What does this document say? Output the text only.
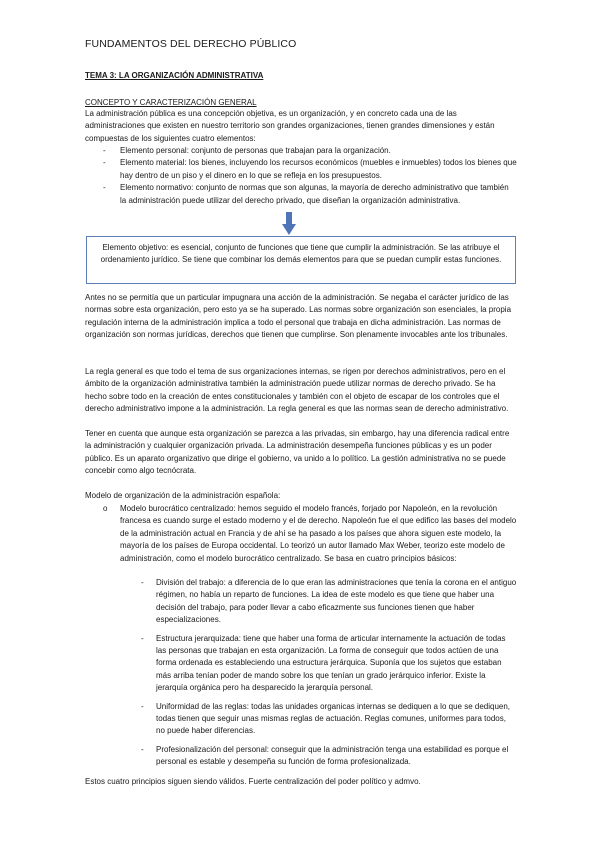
FUNDAMENTOS DEL DERECHO PÚBLICO
TEMA 3: LA ORGANIZACIÓN ADMINISTRATIVA
CONCEPTO Y CARACTERIZACIÓN GENERAL

La administración pública es una concepción objetiva, es un organización, y en concreto cada una de las administraciones que existen en nuestro territorio son grandes organizaciones, tienen grandes dimensiones y están compuestas de los siguientes cuatro elementos:

- Elemento personal: conjunto de personas que trabajan para la organización.
- Elemento material: los bienes, incluyendo los recursos económicos (muebles e inmuebles) todos los bienes que hay dentro de un piso y el dinero en lo que se refleja en los presupuestos.
- Elemento normativo: conjunto de normas que son algunas, la mayoría de derecho administrativo que también la administración puede utilizar del derecho privado, que diseñan la organización administrativa.
Elemento objetivo: es esencial, conjunto de funciones que tiene que cumplir la administración. Se las atribuye el ordenamiento jurídico. Se tiene que combinar los demás elementos para que se puedan cumplir estas funciones.

Antes no se permitía que un particular impugnara una acción de la administración. Se negaba el carácter jurídico de las normas sobre esta organización, pero esto ya se ha superado. Las normas sobre organización son esenciales, la propia regulación interna de la administración implica a todo el personal que trabaja en dicha administración. Las normas de organización son normas jurídicas, derechos que tienen que cumplirse. Son plenamente invocables ante los tribunales.

La regla general es que todo el tema de sus organizaciones internas, se rigen por derechos administrativos, pero en el ámbito de la organización administrativa también la administración puede utilizar normas de derecho privado. Se ha hecho sobre todo en la creación de entes constitucionales y también con el objeto de escapar de los controles que el derecho administrativo impone a la administración. La regla general es que las normas sean de derecho administrativo.

Tener en cuenta que aunque esta organización se parezca a las privadas, sin embargo, hay una diferencia radical entre la administración y cualquier organización privada. La administración desempeña funciones públicas y es un poder público. Es un aparato organizativo que dirige el gobierno, va unido a lo político. La gestión administrativa no se puede concebir como algo tecnócrata.

Modelo de organización de la administración española:
o Modelo burocrático centralizado: hemos seguido el modelo francés, forjado por Napoleón, en la revolución francesa es cuando surge el estado moderno y el de derecho. Napoleón fue el que edifico las bases del modelo de la administración actual en Francia y de ahí se ha pasado a los países que ahora siguen este modelo, la mayoría de los países de Europa occidental. Lo teorizó un autor llamado Max Weber, teorizo este modelo de administración, como el modelo burocrático centralizado. Se basa en cuatro principios básicos:
- División del trabajo: a diferencia de lo que eran las administraciones que tenía la corona en el antiguo régimen, no había un reparto de funciones. La idea de este modelo es que tiene que haber una decisión del trabajo, para poder llevar a cabo eficazmente sus funciones tienen que haber especializaciones.
- Estructura jerarquizada: tiene que haber una forma de articular internamente la actuación de todas las personas que trabajan en esta organización. La forma de conseguir que todos actúen de una forma ordenada es estableciendo una estructura jerárquica. Suponía que los sujetos que estaban más arriba tenían poder de mando sobre los que tenían un grado jerárquico inferior. Existe la jerarquía orgánica pero ha desparecido la jerarquía personal.
- Uniformidad de las reglas: todas las unidades organicas internas se dediquen a lo que se dediquen, todas tienen que seguir unas mismas reglas de actuación. Reglas comunes, uniformes para todos, no puede haber diferencias.
- Profesionalización del personal: conseguir que la administración tenga una estabilidad es porque el personal es estable y desempeña su función de forma profesionalizada.

Estos cuatro principios siguen siendo válidos. Fuerte centralización del poder político y admvo.
